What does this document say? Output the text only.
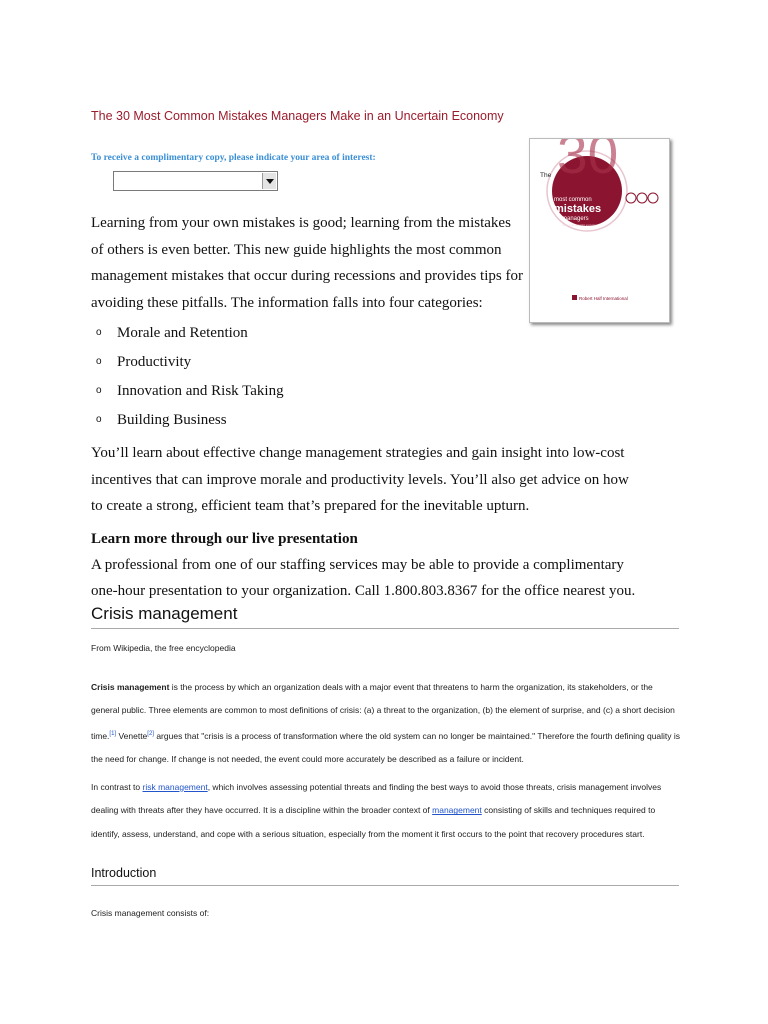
The 30 Most Common Mistakes Managers Make in an Uncertain Economy
To receive a complimentary copy, please indicate your area of interest:
Learning from your own mistakes is good; learning from the mistakes
of others is even better. This new guide highlights the most common
management mistakes that occur during recessions and provides tips for
avoiding these pitfalls. The information falls into four categories:
30
The
most common
mistakes
managers
make in an uncertain economy
Robert Half International
o Morale and Retention
o Productivity
o Innovation and Risk Taking
o Building Business
You’ll learn about effective change management strategies and gain insight into low-cost
incentives that can improve morale and productivity levels. You’ll also get advice on how
to create a strong, efficient team that’s prepared for the inevitable upturn.
Learn more through our live presentation
A professional from one of our staffing services may be able to provide a complimentary
one-hour presentation to your organization. Call 1.800.803.8367 for the office nearest you.
Crisis management
From Wikipedia, the free encyclopedia
Crisis management is the process by which an organization deals with a major event that threatens to harm the organization, its stakeholders, or the general public. Three elements are common to most definitions of crisis: (a) a threat to the organization, (b) the element of surprise, and (c) a short decision time.[1] Venette[2] argues that "crisis is a process of transformation where the old system can no longer be maintained." Therefore the fourth defining quality is the need for change. If change is not needed, the event could more accurately be described as a failure or incident.
In contrast to risk management, which involves assessing potential threats and finding the best ways to avoid those threats, crisis management involves dealing with threats after they have occurred. It is a discipline within the broader context of management consisting of skills and techniques required to identify, assess, understand, and cope with a serious situation, especially from the moment it first occurs to the point that recovery procedures start.
Introduction
Crisis management consists of:
